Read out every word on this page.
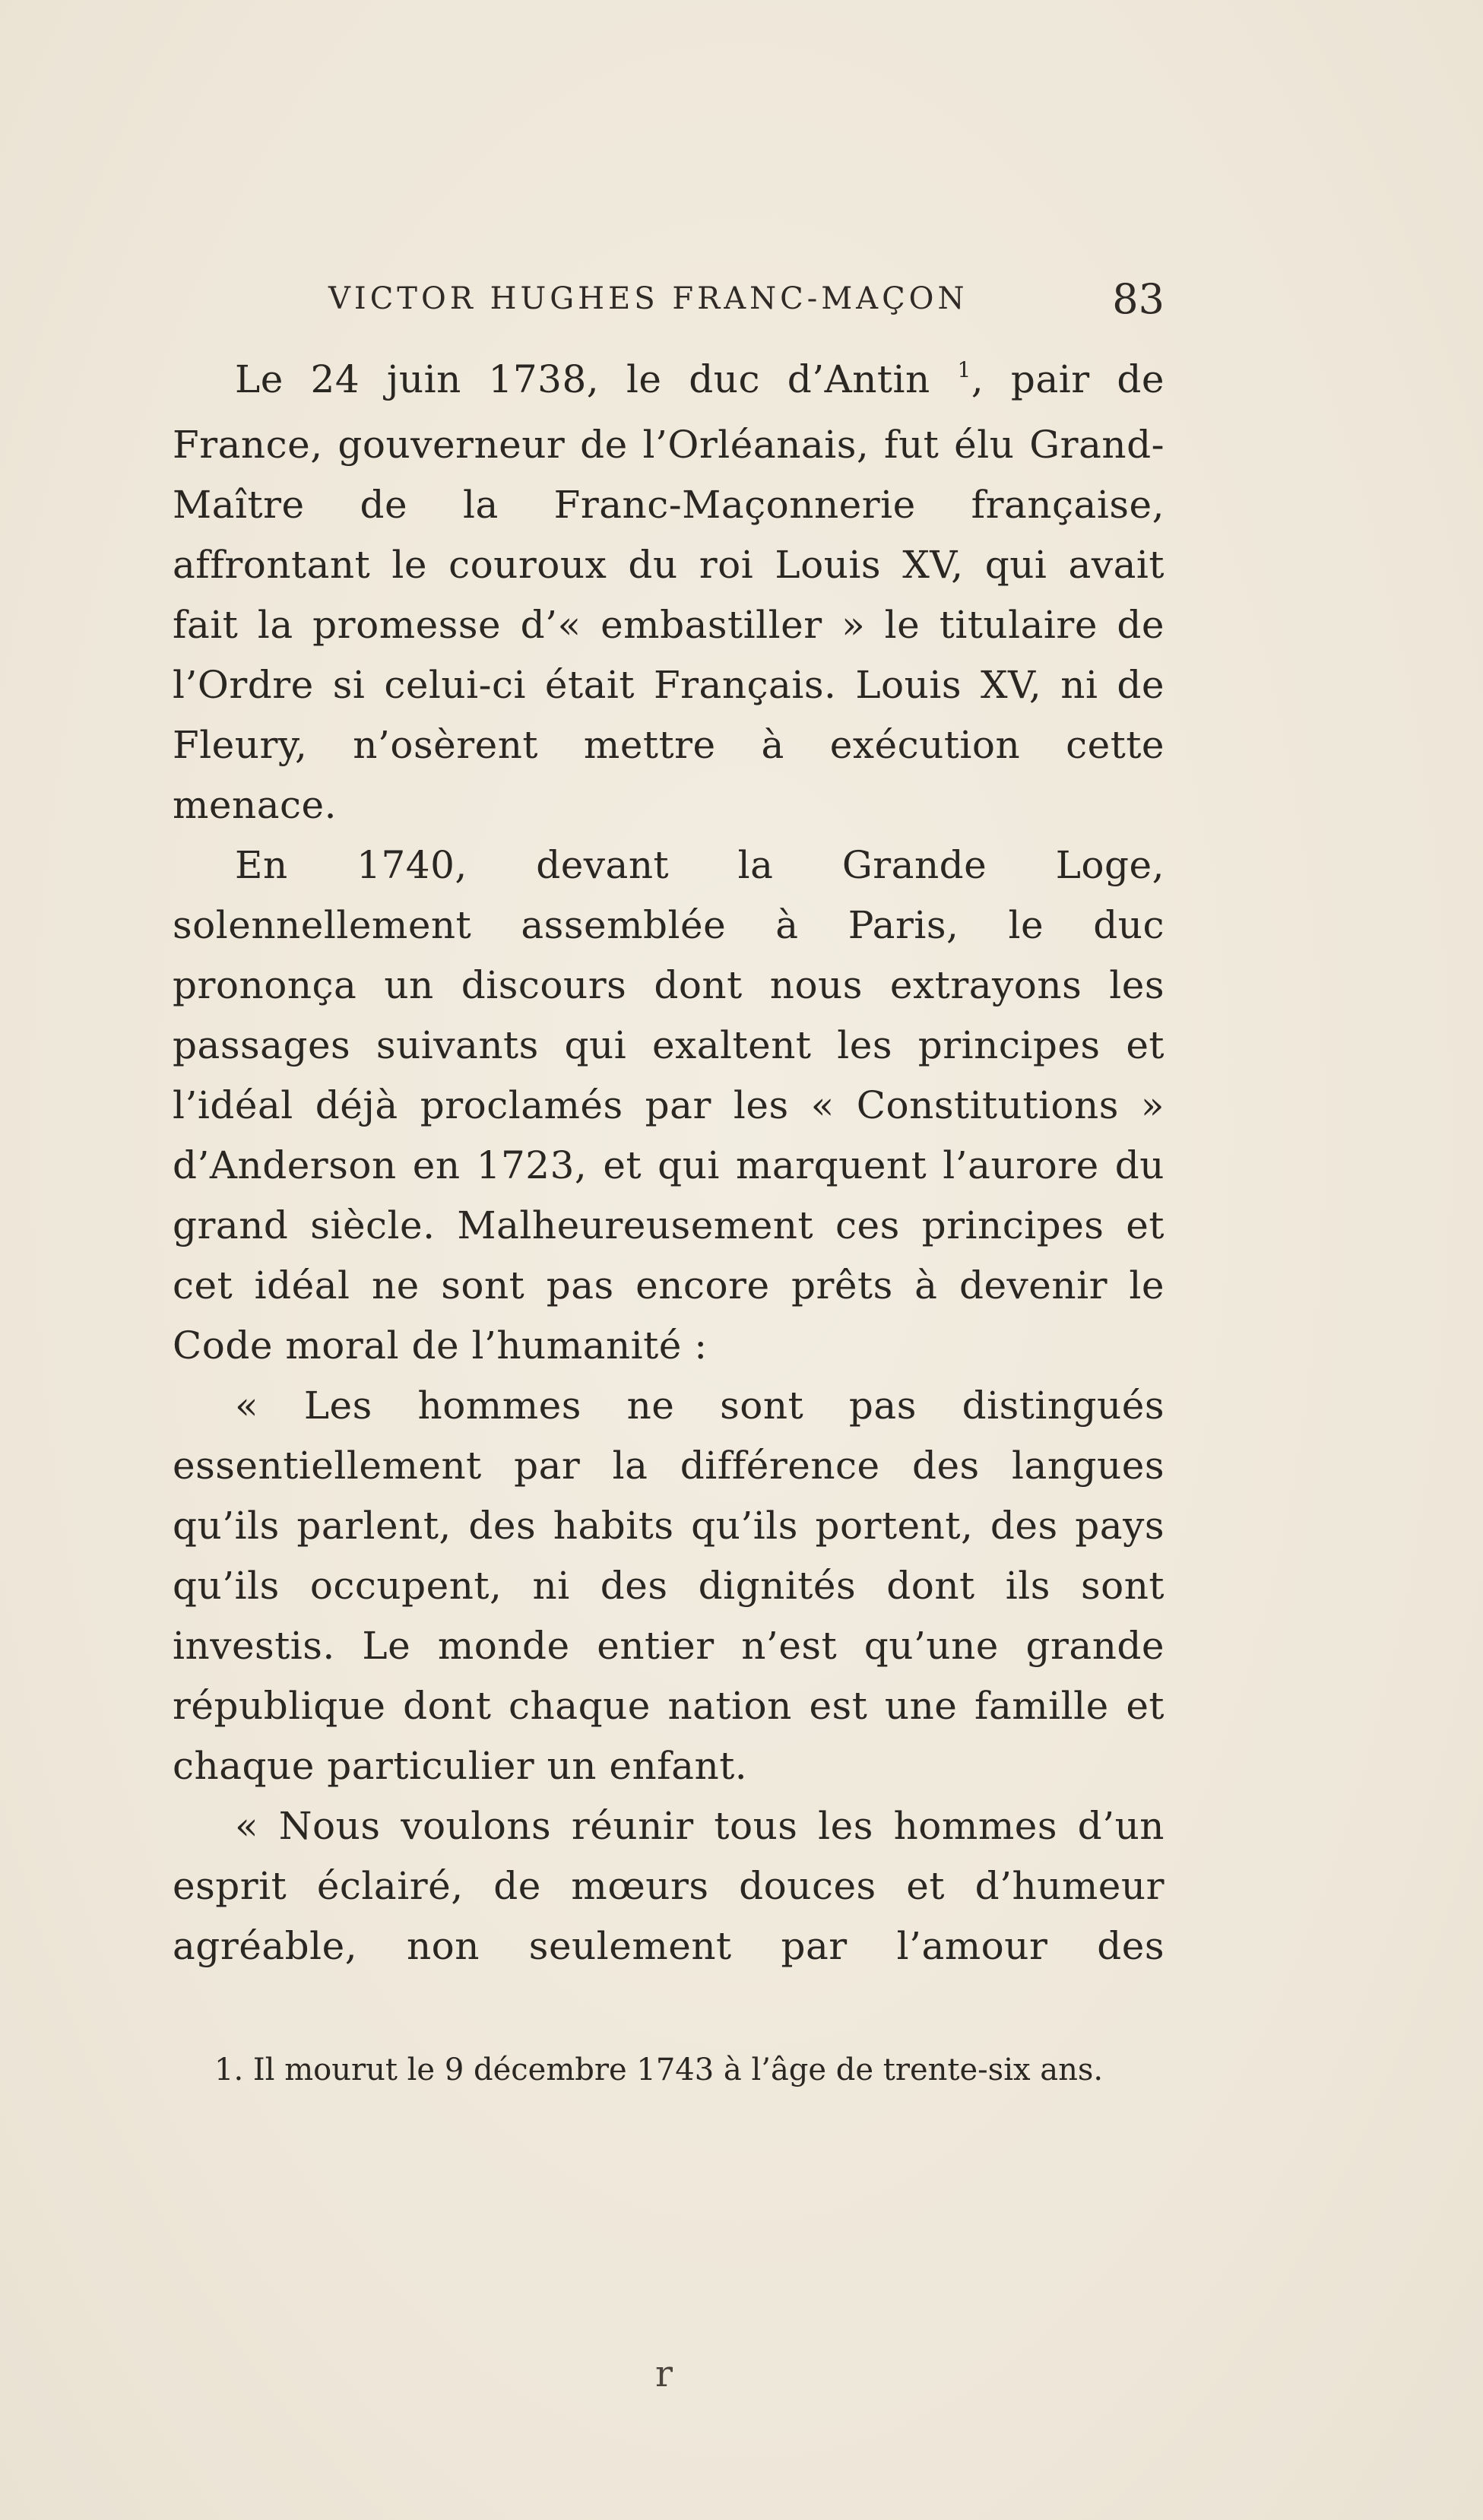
VICTOR HUGHES FRANC-MAÇON	83

Le 24 juin 1738, le duc d’Antin $^1$, pair de France, gouverneur de l’Orléanais, fut élu Grand-Maître de la Franc-Maçonnerie française, affrontant le couroux du roi Louis XV, qui avait fait la promesse d’« embastiller » le titulaire de l’Ordre si celui-ci était Français. Louis XV, ni de Fleury, n’osèrent mettre à exécution cette menace.

En 1740, devant la Grande Loge, solennellement assemblée à Paris, le duc prononça un discours dont nous extrayons les passages suivants qui exaltent les principes et l’idéal déjà proclamés par les « Constitutions » d’Anderson en 1723, et qui marquent l’aurore du grand siècle. Malheureusement ces principes et cet idéal ne sont pas encore prêts à devenir le Code moral de l’humanité :

« Les hommes ne sont pas distingués essentiellement par la différence des langues qu’ils parlent, des habits qu’ils portent, des pays qu’ils occupent, ni des dignités dont ils sont investis. Le monde entier n’est qu’une grande république dont chaque nation est une famille et chaque particulier un enfant.

« Nous voulons réunir tous les hommes d’un esprit éclairé, de mœurs douces et d’humeur agréable, non seulement par l’amour des

1. Il mourut le 9 décembre 1743 à l’âge de trente-six ans.
r
